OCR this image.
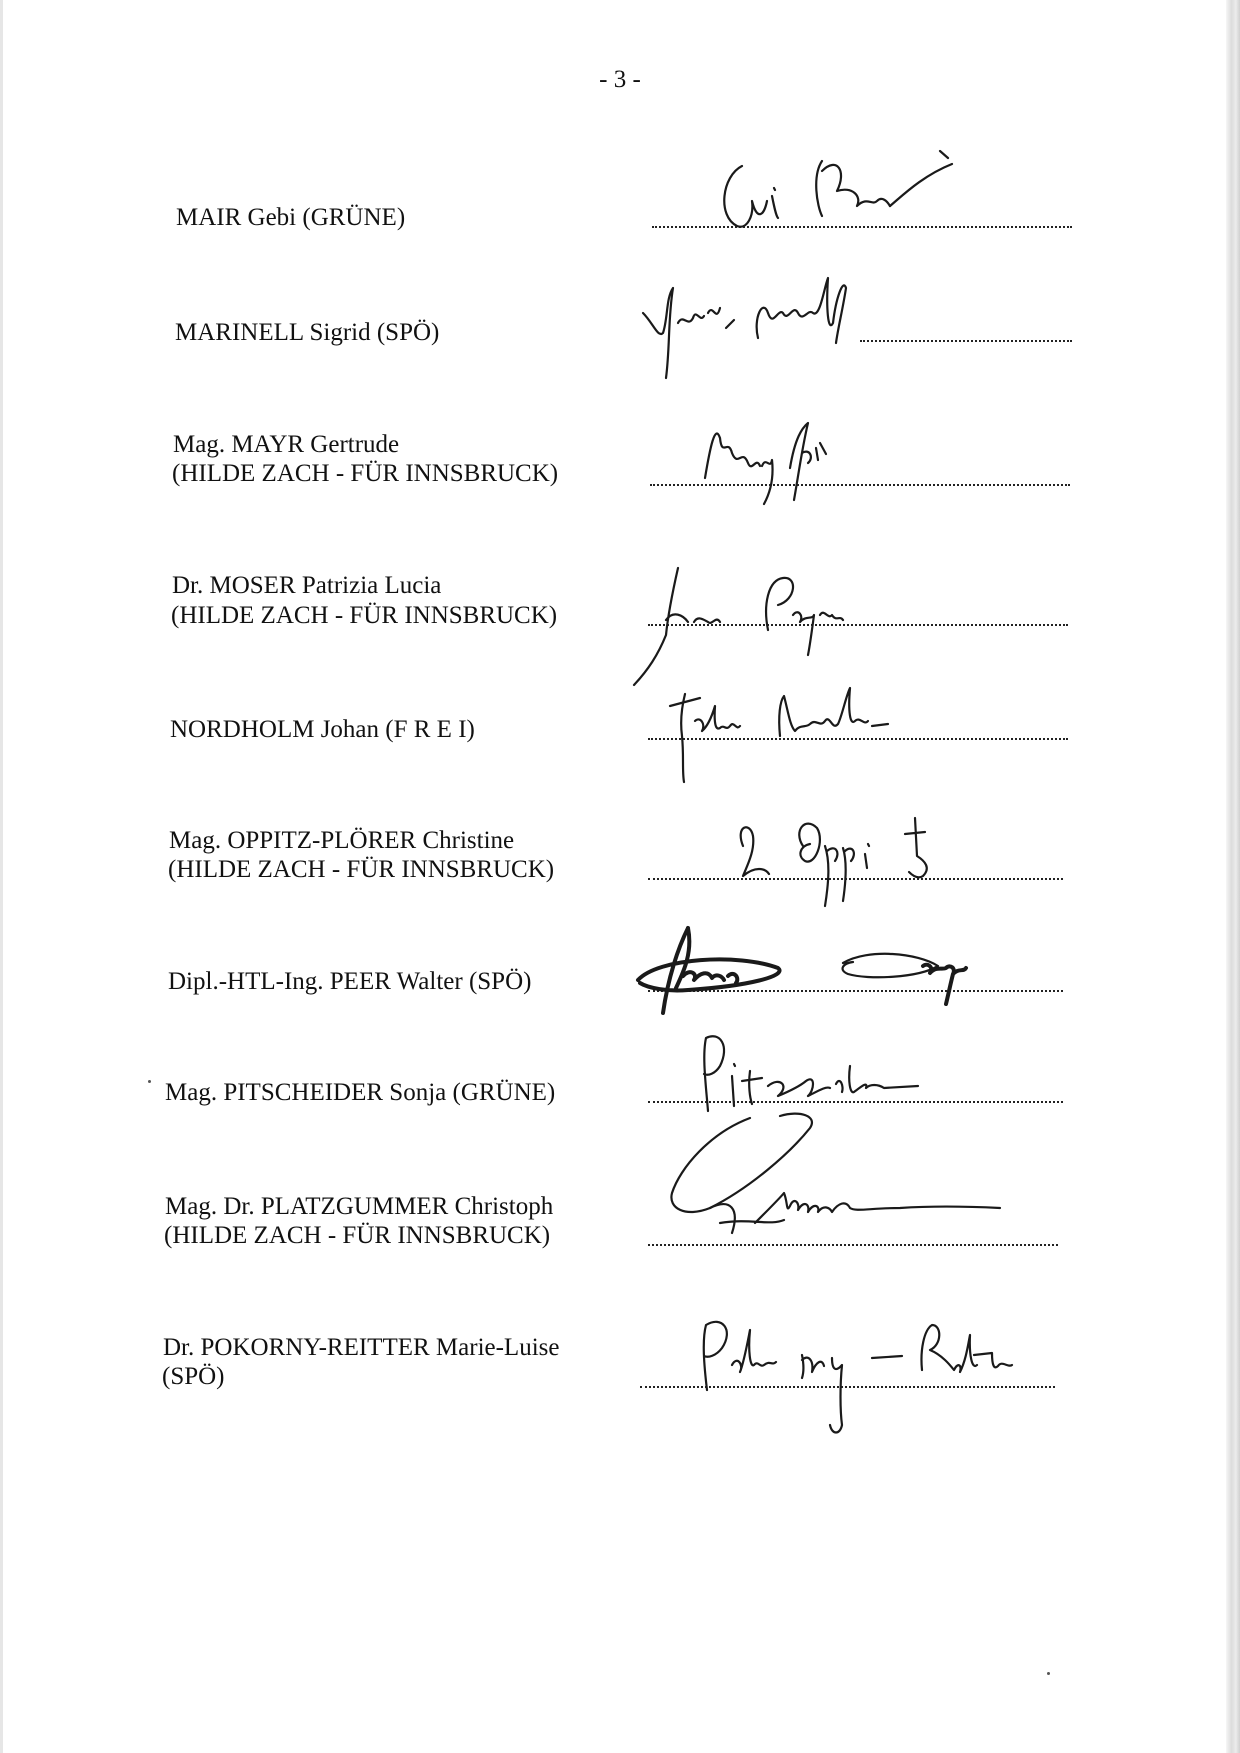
- 3 -
MAIR Gebi (GRÜNE)
MARINELL Sigrid (SPÖ)
Mag. MAYR Gertrude
(HILDE ZACH - FÜR INNSBRUCK)
Dr. MOSER Patrizia Lucia
(HILDE ZACH - FÜR INNSBRUCK)
NORDHOLM Johan (F R E I)
Mag. OPPITZ-PLÖRER Christine
(HILDE ZACH - FÜR INNSBRUCK)
Dipl.-HTL-Ing. PEER Walter (SPÖ)
Mag. PITSCHEIDER Sonja (GRÜNE)
Mag. Dr. PLATZGUMMER Christoph
(HILDE ZACH - FÜR INNSBRUCK)
Dr. POKORNY-REITTER Marie-Luise
(SPÖ)
